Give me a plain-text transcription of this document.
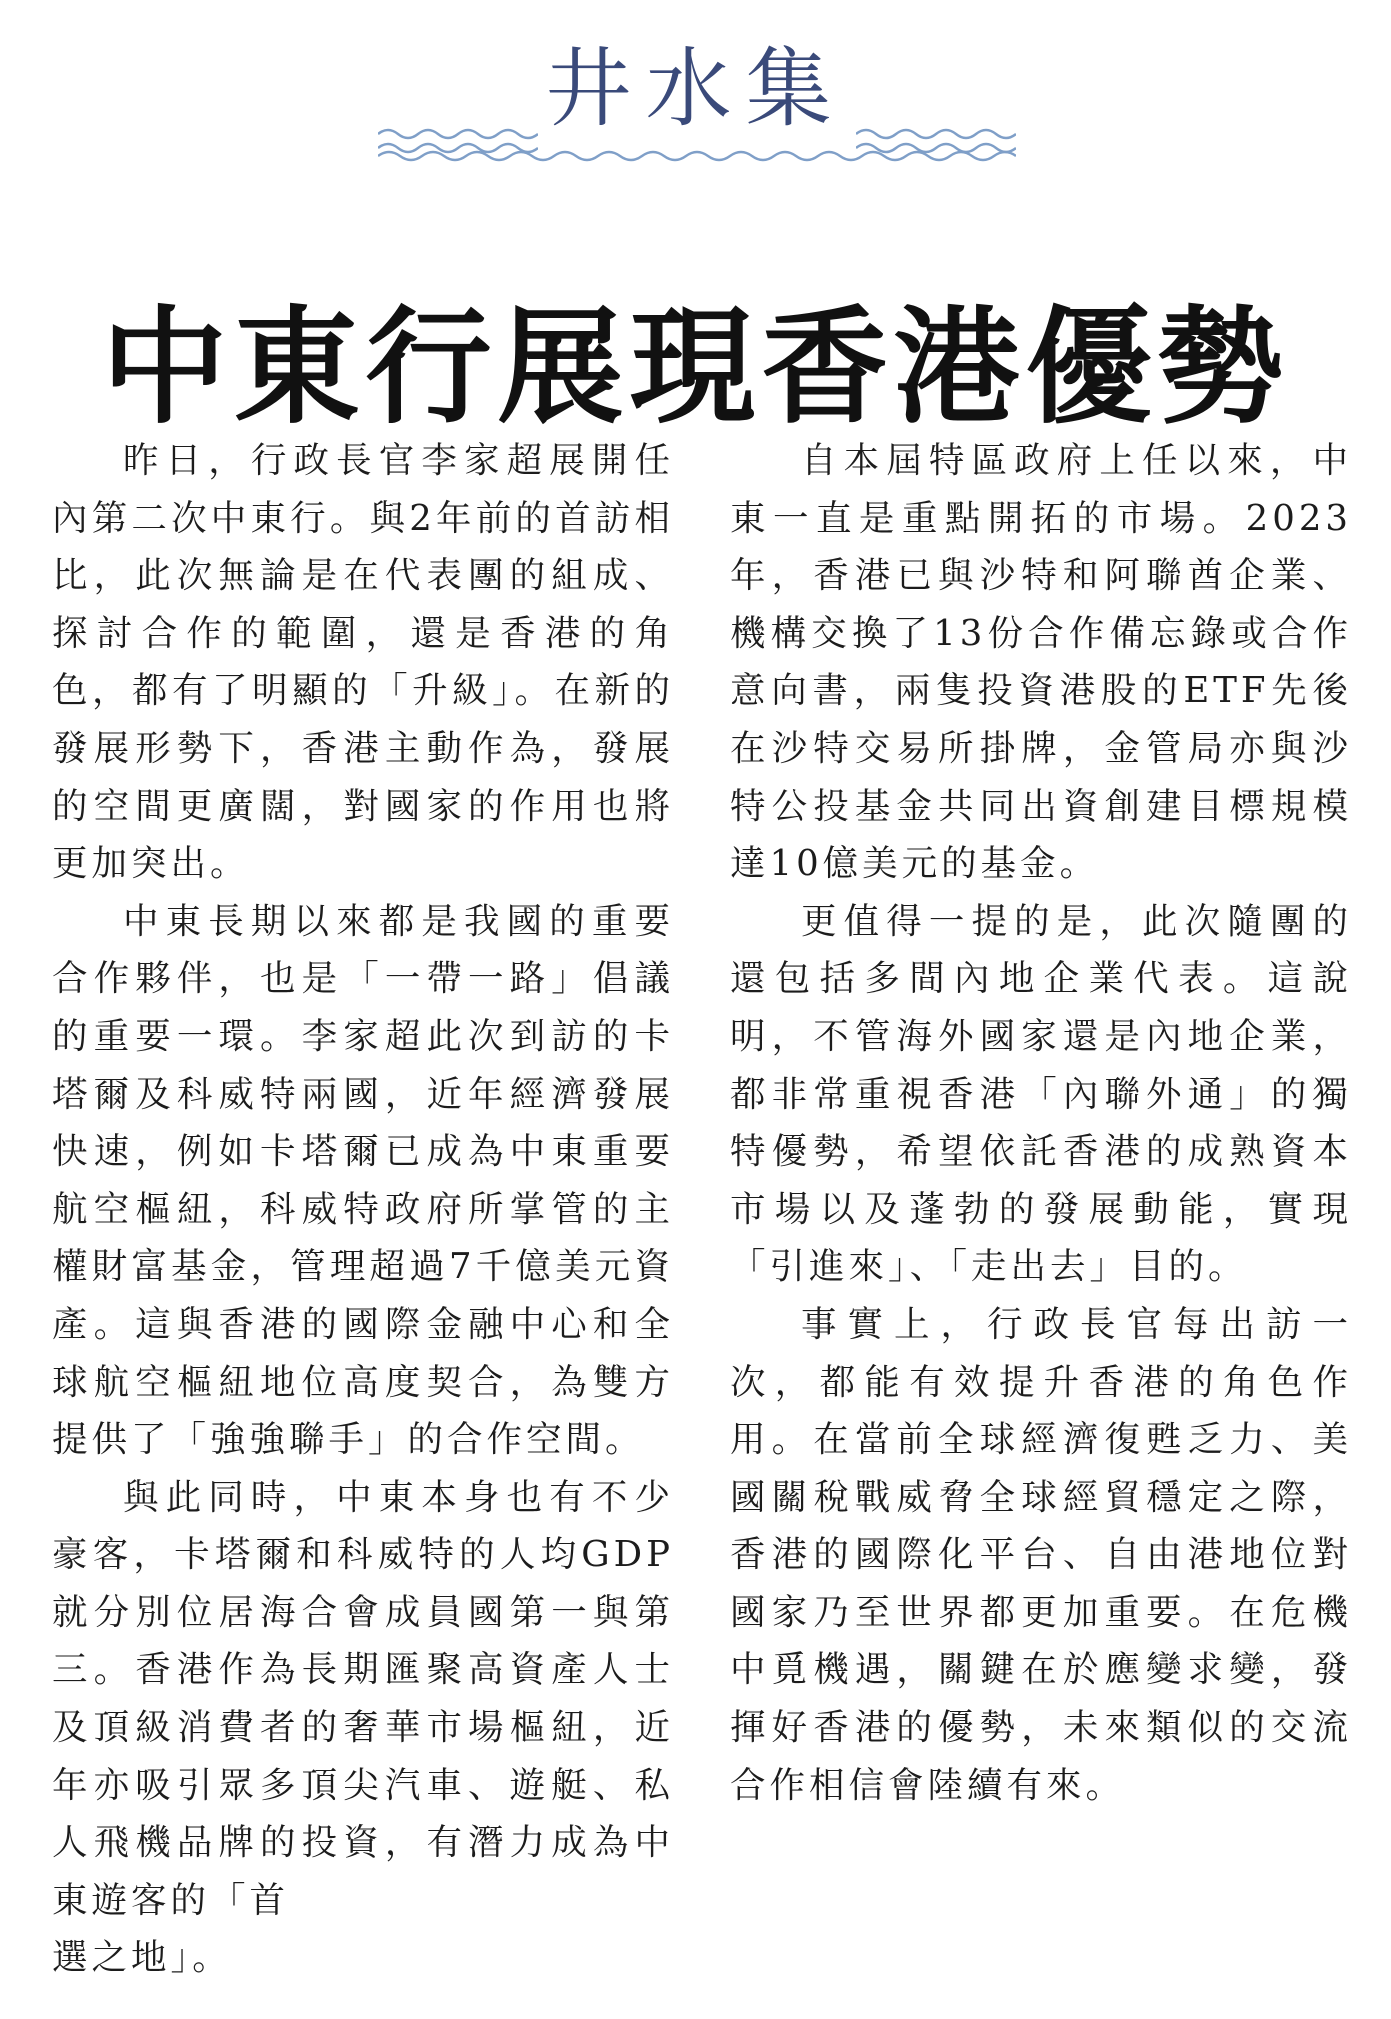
井水集
中東行展現香港優勢

昨日，行政長官李家超展開任內第二次中東行。與2年前的首訪相比，此次無論是在代表團的組成、探討合作的範圍，還是香港的角色，都有了明顯的「升級」。在新的發展形勢下，香港主動作為，發展的空間更廣闊，對國家的作用也將更加突出。

中東長期以來都是我國的重要合作夥伴，也是「一帶一路」倡議的重要一環。李家超此次到訪的卡塔爾及科威特兩國，近年經濟發展快速，例如卡塔爾已成為中東重要航空樞紐，科威特政府所掌管的主權財富基金，管理超過7千億美元資產。這與香港的國際金融中心和全球航空樞紐地位高度契合，為雙方提供了「強強聯手」的合作空間。

與此同時，中東本身也有不少豪客，卡塔爾和科威特的人均GDP就分別位居海合會成員國第一與第三。香港作為長期匯聚高資產人士及頂級消費者的奢華市場樞紐，近年亦吸引眾多頂尖汽車、遊艇、私人飛機品牌的投資，有潛力成為中東遊客的「首

選之地」。

自本屆特區政府上任以來，中東一直是重點開拓的市場。2023年，香港已與沙特和阿聯酋企業、機構交換了13份合作備忘錄或合作意向書，兩隻投資港股的ETF先後在沙特交易所掛牌，金管局亦與沙特公投基金共同出資創建目標規模達10億美元的基金。

更值得一提的是，此次隨團的還包括多間內地企業代表。這說明，不管海外國家還是內地企業，都非常重視香港「內聯外通」的獨特優勢，希望依託香港的成熟資本市場以及蓬勃的發展動能，實現「引進來」、「走出去」目的。

事實上，行政長官每出訪一次，都能有效提升香港的角色作用。在當前全球經濟復甦乏力、美國關稅戰威脅全球經貿穩定之際，香港的國際化平台、自由港地位對國家乃至世界都更加重要。在危機中覓機遇，關鍵在於應變求變，發揮好香港的優勢，未來類似的交流合作相信會陸續有來。
